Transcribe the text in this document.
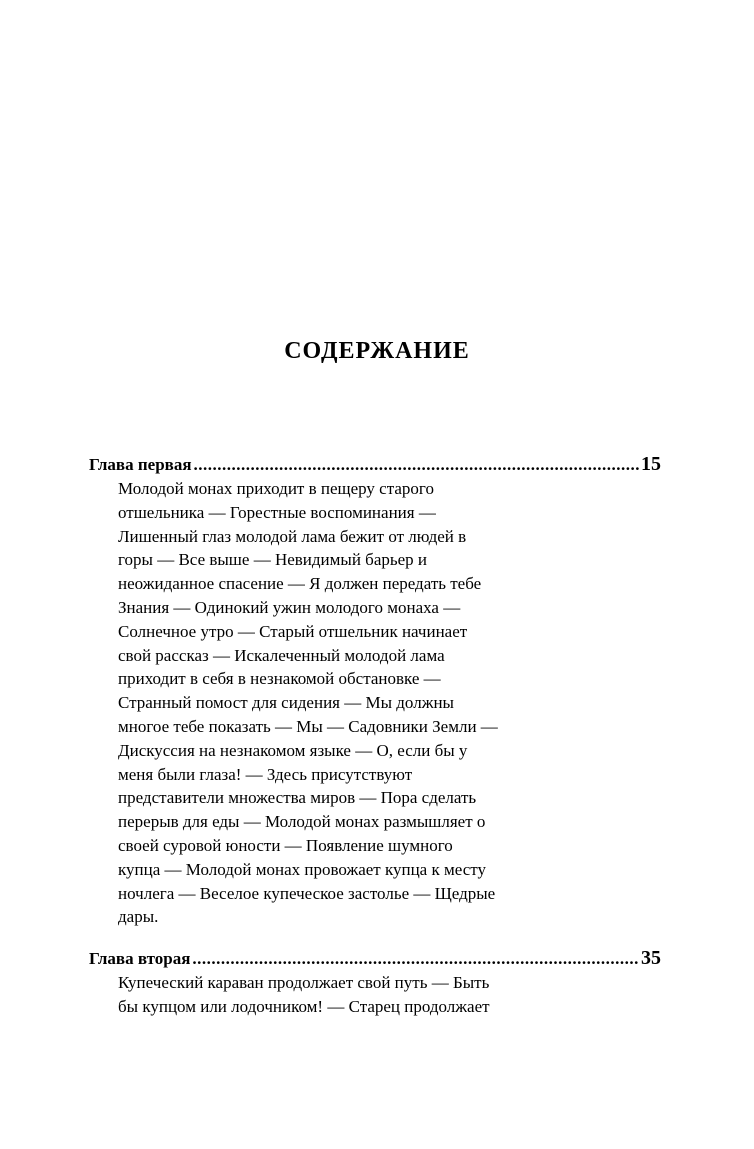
СОДЕРЖАНИЕ
Глава первая .....	15
Молодой монах приходит в пещеру старого
отшельника — Горестные воспоминания —
Лишенный глаз молодой лама бежит от людей в
горы — Все выше — Невидимый барьер и
неожиданное спасение — Я должен передать тебе
Знания — Одинокий ужин молодого монаха —
Солнечное утро — Старый отшельник начинает
свой рассказ — Искалеченный молодой лама
приходит в себя в незнакомой обстановке —
Странный помост для сидения — Мы должны
многое тебе показать — Мы — Садовники Земли —
Дискуссия на незнакомом языке — О, если бы у
меня были глаза! — Здесь присутствуют
представители множества миров — Пора сделать
перерыв для еды — Молодой монах размышляет о
своей суровой юности — Появление шумного
купца — Молодой монах провожает купца к месту
ночлега — Веселое купеческое застолье — Щедрые
дары.
Глава вторая .....	35
Купеческий караван продолжает свой путь — Быть
бы купцом или лодочником! — Старец продолжает
